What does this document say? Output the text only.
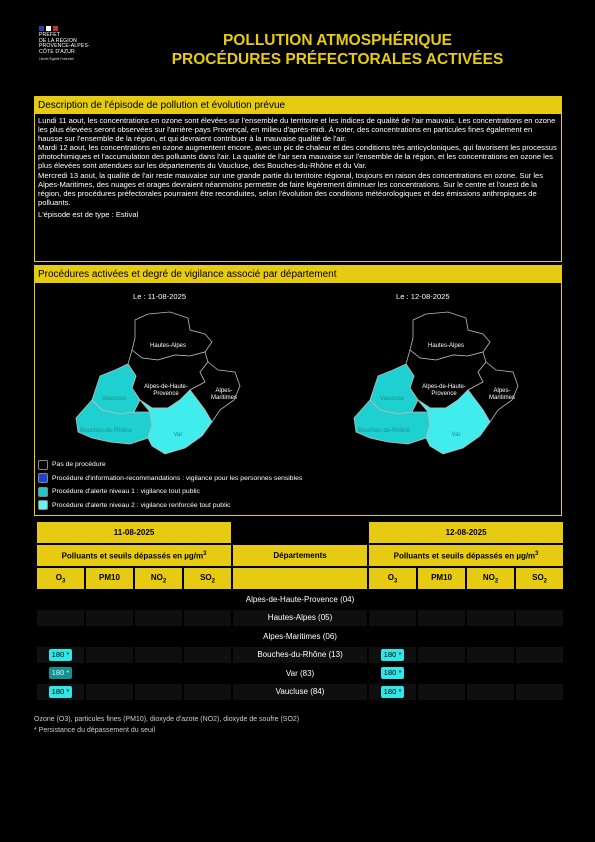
PRÉFET
DE LA RÉGION
PROVENCE-ALPES-
CÔTE D'AZUR
Liberté Égalité Fraternité
POLLUTION ATMOSPHÉRIQUE
PROCÉDURES PRÉFECTORALES ACTIVÉES
Description de l'épisode de pollution et évolution prévue

Lundi 11 aout, les concentrations en ozone sont élevées sur l'ensemble du territoire et les indices de qualité de l'air mauvais. Les concentrations en ozone les plus élevées seront observées sur l'arrière-pays Provençal, en milieu d'après-midi. À noter, des concentrations en particules fines également en hausse sur l'ensemble de la région, et qui devraient contribuer à la mauvaise qualité de l'air.

Mardi 12 aout, les concentrations en ozone augmentent encore, avec un pic de chaleur et des conditions très anticycloniques, qui favorisent les processus photochimiques et l'accumulation des polluants dans l'air. La qualité de l'air sera mauvaise sur l'ensemble de la région, et les concentrations en ozone les plus élevées sont attendues sur les départements du Vaucluse, des Bouches-du-Rhône et du Var.

Mercredi 13 aout, la qualité de l'air reste mauvaise sur une grande partie du territoire régional, toujours en raison des concentrations en ozone. Sur les Alpes-Maritimes, des nuages et orages devraient néanmoins permettre de faire légèrement diminuer les concentrations. Sur le centre et l'ouest de la région, des procédures préfectorales pourraient être reconduites, selon l'évolution des conditions météorologiques et des émissions anthropiques de polluants.

L'épisode est de type : Estival

Procédures activées et degré de vigilance associé par département
Le : 11-08-2025	Le : 12-08-2025
Hautes-Alpes
Alpes-de-Haute-
Provence	Alpes-
Maritimes
Vaucluse
Bouches-du-Rhône
Var
Hautes-Alpes
Alpes-de-Haute-
Provence	Alpes-
Maritimes
Vaucluse
Bouches-du-Rhône
Var
Pas de procédure
Procédure d'information-recommandations : vigilance pour les personnes sensibles
Procédure d'alerte niveau 1 : vigilance tout public
Procédure d'alerte niveau 2 : vigilance renforcée tout public
11-08-2025					12-08-2025			
Polluants et seuils dépassés en $\mu g/m^3$				Départements	Polluants et seuils dépassés en $\mu g/m^3$
$O_3$	PM10	$NO_2$	$SO_2$		$O_3$	PM10	$NO_2$	$SO_2$
				Alpes-de-Haute-Provence (04)				
				Hautes-Alpes (05)				
				Alpes-Maritimes (06)				
180 *				Bouches-du-Rhône (13)	180 *			
180 *				Var (83)	180 *			
180 *				Vaucluse (84)	180 *			
Ozone (O3), particules fines (PM10), dioxyde d'azote (NO2), dioxyde de soufre (SO2)
* Persistance du dépassement du seuil
